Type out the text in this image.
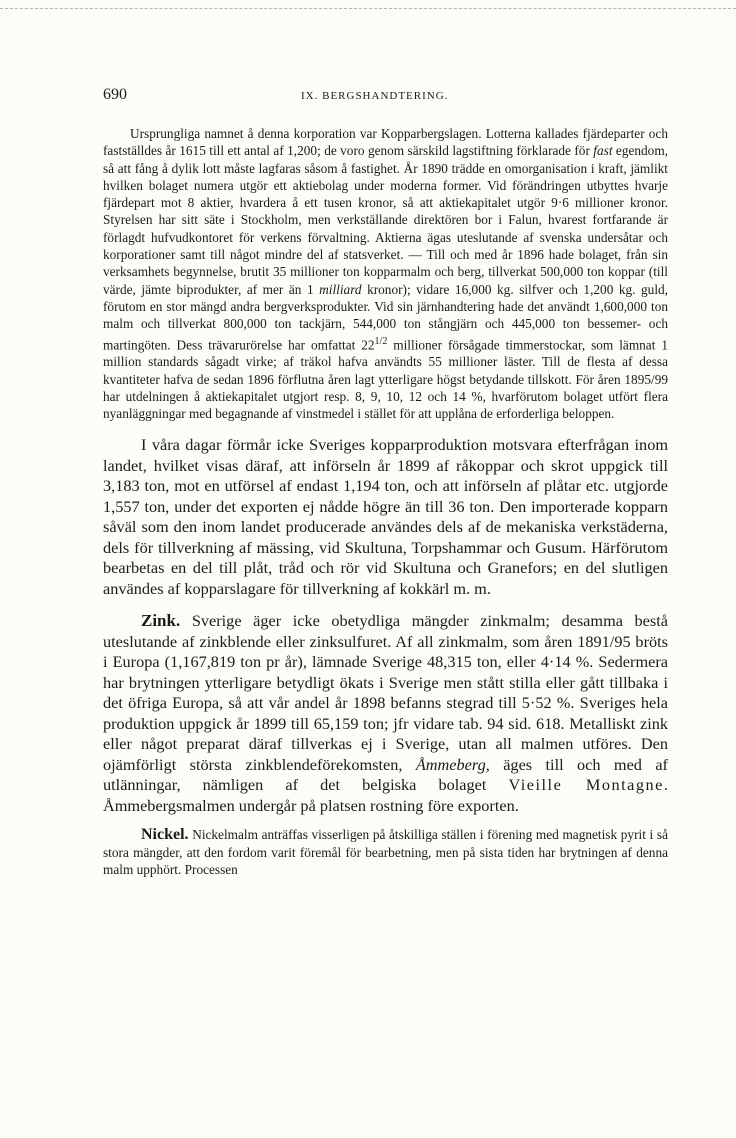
690	IX. BERGSHANDTERING.

Ursprungliga namnet å denna korporation var Kopparbergslagen. Lotterna kallades fjärdeparter och fastställdes år 1615 till ett antal af 1,200; de voro genom särskild lagstiftning förklarade för fast egendom, så att fång å dylik lott måste lagfaras såsom å fastighet. År 1890 trädde en omorganisation i kraft, jämlikt hvilken bolaget numera utgör ett aktiebolag under moderna former. Vid förändringen utbyttes hvarje fjärdepart mot 8 aktier, hvardera å ett tusen kronor, så att aktiekapitalet utgör 9·6 millioner kronor. Styrelsen har sitt säte i Stockholm, men verkställande direktören bor i Falun, hvarest fortfarande är förlagdt hufvudkontoret för verkens förvaltning. Aktierna ägas uteslutande af svenska undersåtar och korporationer samt till något mindre del af statsverket. — Till och med år 1896 hade bolaget, från sin verksamhets begynnelse, brutit 35 millioner ton kopparmalm och berg, tillverkat 500,000 ton koppar (till värde, jämte biprodukter, af mer än 1 milliard kronor); vidare 16,000 kg. silfver och 1,200 kg. guld, förutom en stor mängd andra bergverksprodukter. Vid sin järnhandtering hade det användt 1,600,000 ton malm och tillverkat 800,000 ton tackjärn, 544,000 ton stångjärn och 445,000 ton bessemer- och martingöten. Dess trävarurörelse har omfattat $22^{1/2}$ millioner försågade timmerstockar, som lämnat 1 million standards sågadt virke; af träkol hafva användts 55 millioner läster. Till de flesta af dessa kvantiteter hafva de sedan 1896 förflutna åren lagt ytterligare högst betydande tillskott. För åren 1895/99 har utdelningen å aktiekapitalet utgjort resp. 8, 9, 10, 12 och 14 %, hvarförutom bolaget utfört flera nyanläggningar med begagnande af vinstmedel i stället för att upplåna de erforderliga beloppen.

I våra dagar förmår icke Sveriges kopparproduktion motsvara efterfrågan inom landet, hvilket visas däraf, att införseln år 1899 af råkoppar och skrot uppgick till 3,183 ton, mot en utförsel af endast 1,194 ton, och att införseln af plåtar etc. utgjorde 1,557 ton, under det exporten ej nådde högre än till 36 ton. Den importerade kopparn såväl som den inom landet producerade användes dels af de mekaniska verkstäderna, dels för tillverkning af mässing, vid Skultuna, Torpshammar och Gusum. Härförutom bearbetas en del till plåt, tråd och rör vid Skultuna och Granefors; en del slutligen användes af kopparslagare för tillverkning af kokkärl m. m.

Zink. Sverige äger icke obetydliga mängder zinkmalm; desamma bestå uteslutande af zinkblende eller zinksulfuret. Af all zinkmalm, som åren 1891/95 bröts i Europa (1,167,819 ton pr år), lämnade Sverige 48,315 ton, eller 4·14 %. Sedermera har brytningen ytterligare betydligt ökats i Sverige men stått stilla eller gått tillbaka i det öfriga Europa, så att vår andel år 1898 befanns stegrad till 5·52 %. Sveriges hela produktion uppgick år 1899 till 65,159 ton; jfr vidare tab. 94 sid. 618. Metalliskt zink eller något preparat däraf tillverkas ej i Sverige, utan all malmen utföres. Den ojämförligt största zinkblendeförekomsten, Åmmeberg, äges till och med af utlänningar, nämligen af det belgiska bolaget Vieille Montagne. Åmmebergsmalmen undergår på platsen rostning före exporten.

Nickel. Nickelmalm anträffas visserligen på åtskilliga ställen i förening med magnetisk pyrit i så stora mängder, att den fordom varit föremål för bearbetning, men på sista tiden har brytningen af denna malm upphört. Processen
